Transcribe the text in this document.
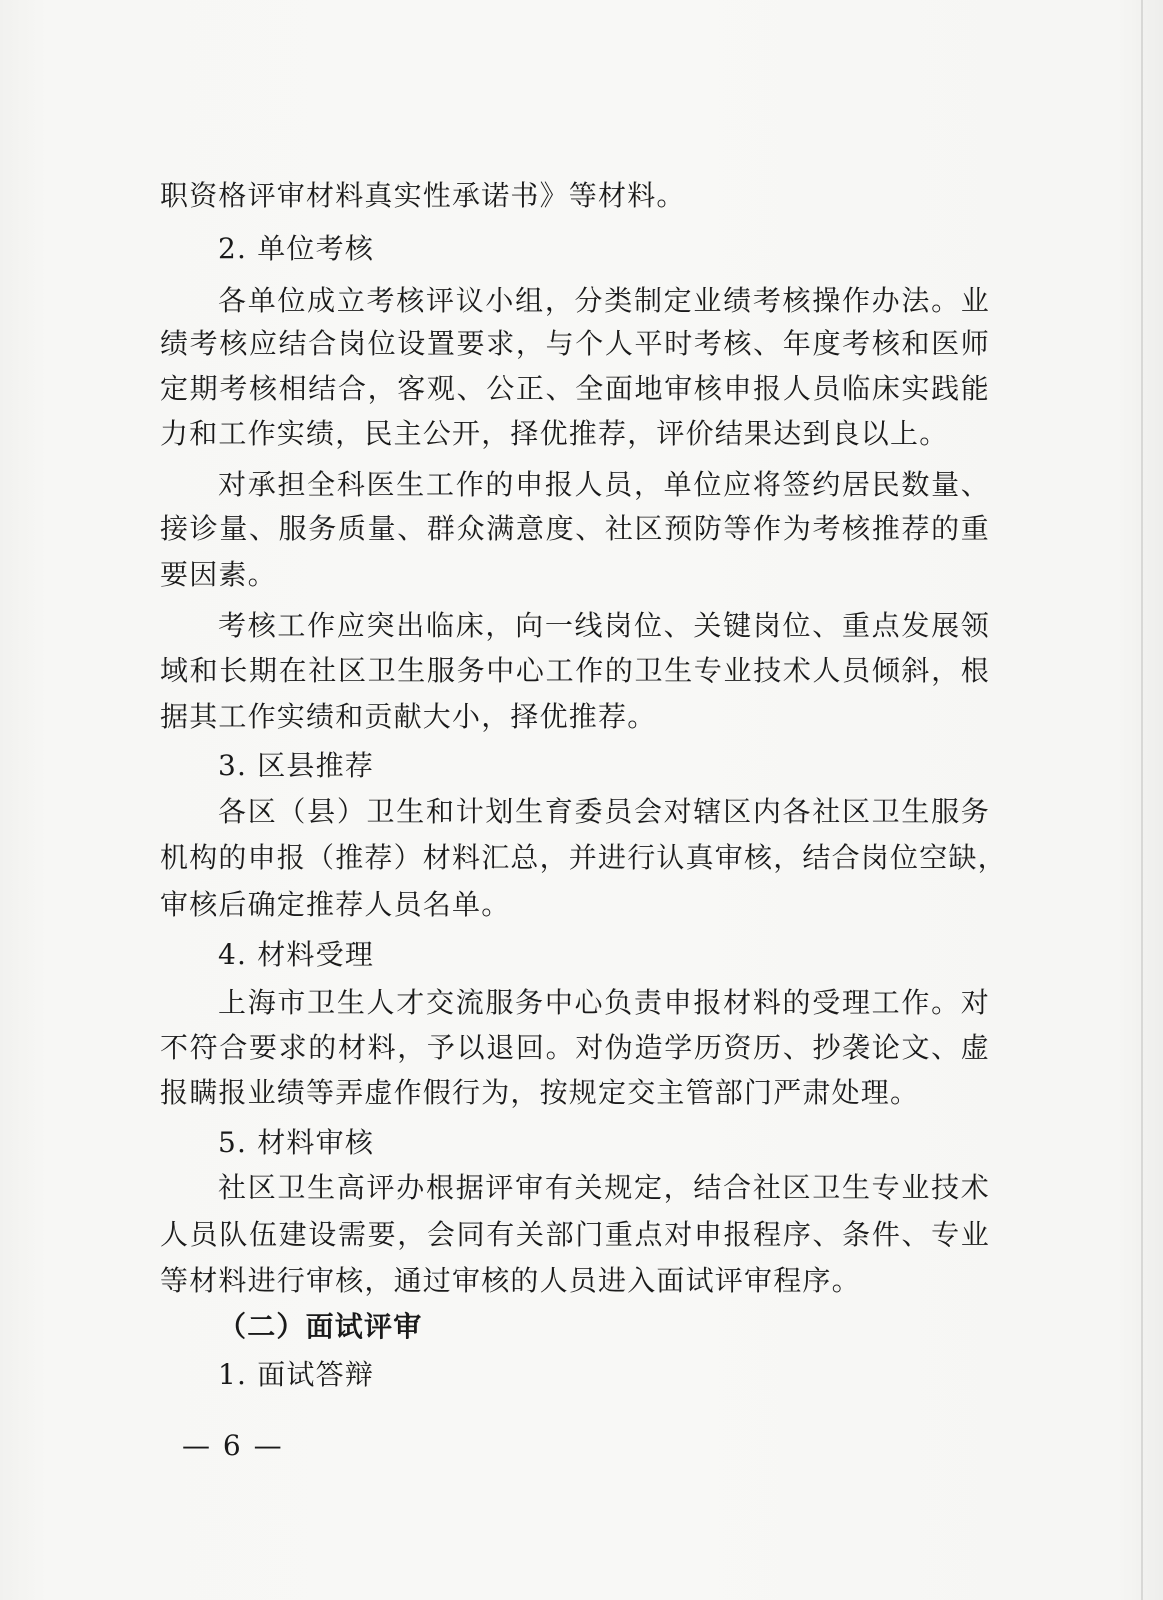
职资格评审材料真实性承诺书》等材料。
2. 单位考核
各单位成立考核评议小组，分类制定业绩考核操作办法。业
绩考核应结合岗位设置要求，与个人平时考核、年度考核和医师
定期考核相结合，客观、公正、全面地审核申报人员临床实践能
力和工作实绩，民主公开，择优推荐，评价结果达到良以上。
对承担全科医生工作的申报人员，单位应将签约居民数量、
接诊量、服务质量、群众满意度、社区预防等作为考核推荐的重
要因素。
考核工作应突出临床，向一线岗位、关键岗位、重点发展领
域和长期在社区卫生服务中心工作的卫生专业技术人员倾斜，根
据其工作实绩和贡献大小，择优推荐。
3. 区县推荐
各区（县）卫生和计划生育委员会对辖区内各社区卫生服务
机构的申报（推荐）材料汇总，并进行认真审核，结合岗位空缺，
审核后确定推荐人员名单。
4. 材料受理
上海市卫生人才交流服务中心负责申报材料的受理工作。对
不符合要求的材料，予以退回。对伪造学历资历、抄袭论文、虚
报瞒报业绩等弄虚作假行为，按规定交主管部门严肃处理。
5. 材料审核
社区卫生高评办根据评审有关规定，结合社区卫生专业技术
人员队伍建设需要，会同有关部门重点对申报程序、条件、专业
等材料进行审核，通过审核的人员进入面试评审程序。
（二）面试评审
1. 面试答辩
— 6 —
